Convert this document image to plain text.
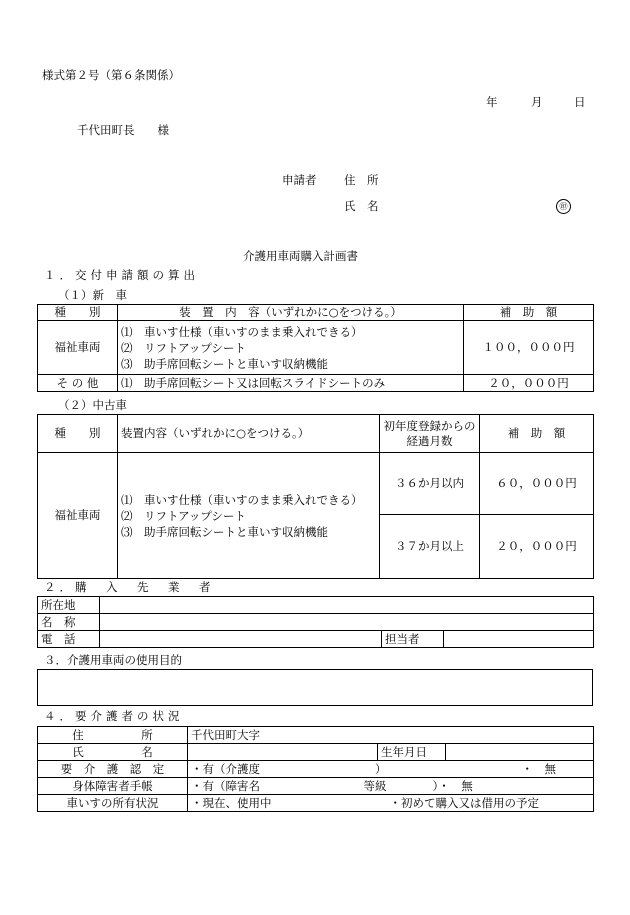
様式第２号（第６条関係）
年	月	日
千代田町長　　様
申請者 住　所
氏　名	㊞
介護用車両購入計画書
１．交付申請額の算出
（１）新　車
種　　別	装　置　内　容（いずれかに○をつける。）	補　助　額
福祉車両	⑴　車いす仕様（車いすのまま乗入れできる）
⑵　リフトアップシート
⑶　助手席回転シートと車いす収納機能	１００，０００円
そ の 他	⑴　助手席回転シート又は回転スライドシートのみ	２０，０００円
（２）中古車
種　　別	装置内容（いずれかに○をつける。）	初年度登録からの経過月数	補　助　額
福祉車両	⑴　車いす仕様（車いすのまま乗入れできる）
⑵　リフトアップシート
⑶　助手席回転シートと車いす収納機能	３６か月以内	６０，０００円
		３７か月以上	２０，０００円
２．購　入　先　業　者
所在地			
名　称			
電　話		担当者	
３．介護用車両の使用目的
４．要介護者の状況
住　　　　　所	千代田町大字		
氏　　　　　名		生年月日	
要　介　護　認　定	・有（介護度　　　　　　　　　　） ・　無		

身体障害者手帳	・有（障害名　　　　　　　　　等級　　　　）・　無		
車いすの所有状況	・現在、使用中 ・初めて購入又は借用の予定		
